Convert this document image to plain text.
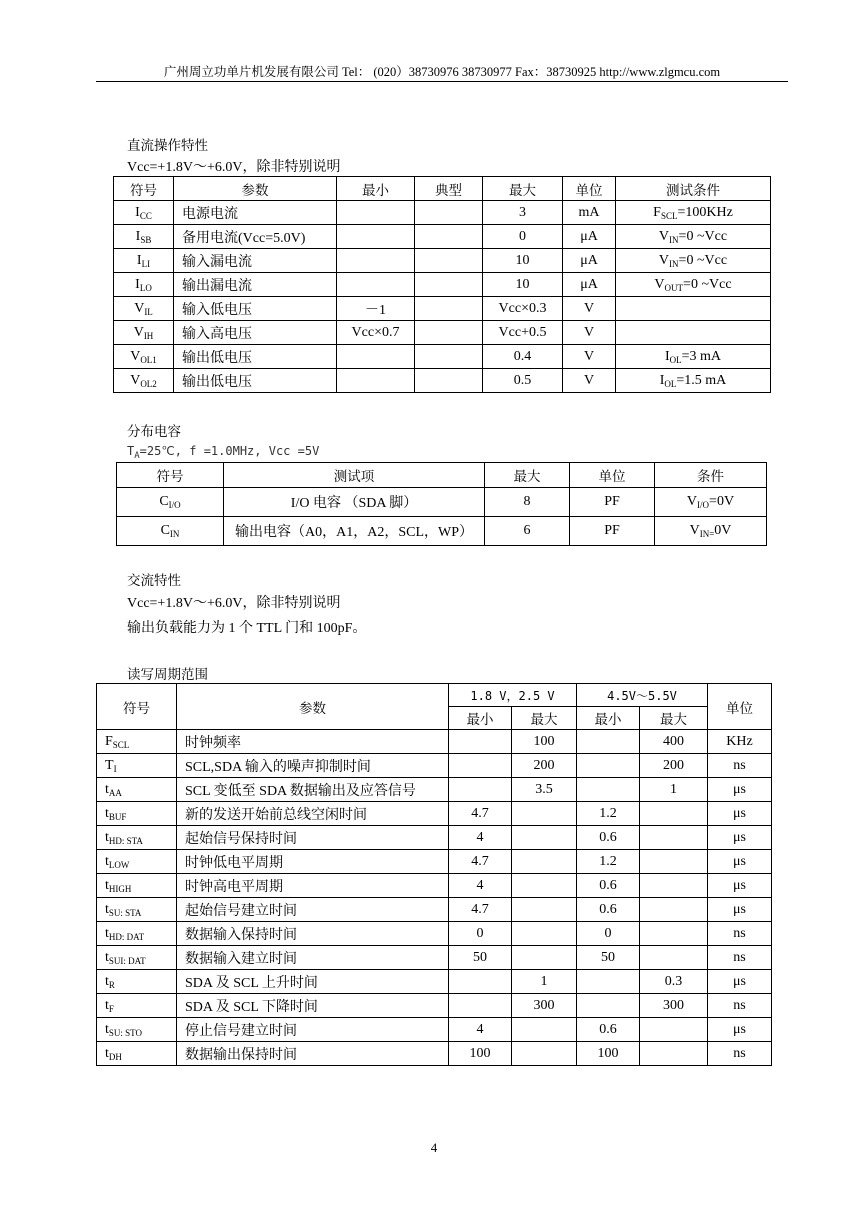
广州周立功单片机发展有限公司 Tel： (020）38730976 38730977 Fax：38730925 http://www.zlgmcu.com
直流操作特性
Vcc=+1.8V～+6.0V，除非特别说明
符号	参数	最小	典型	最大	单位	测试条件
$I_{CC}$	电源电流			3	mA	$F_{SCL}=100KHz$
$I_{SB}$	备用电流(Vcc=5.0V)			0	μA	$V_{IN}=0$ ~Vcc
$I_{LI}$	输入漏电流			10	μA	$V_{IN}=0$ ~Vcc
$I_{LO}$	输出漏电流			10	μA	$V_{OUT}=0$ ~Vcc
$V_{IL}$	输入低电压	－1		Vcc×0.3	V	
$V_{IH}$	输入高电压	Vcc×0.7		Vcc+0.5	V	
$V_{OL1}$	输出低电压			0.4	V	$I_{OL}=3$ mA
$V_{OL2}$	输出低电压			0.5	V	$I_{OL}=1.5$ mA
分布电容
$T_A=25℃$, f =1.0MHz, Vcc =5V
符号	测试项	最大	单位	条件
$C_{I/O}$	I/O 电容 （SDA 脚）	8	PF	$V_{I/O}=0V$
$C_{IN}$	输出电容（A0，A1，A2，SCL，WP）	6	PF	$V_{IN=}0V$
交流特性
Vcc=+1.8V～+6.0V，除非特别说明
输出负载能力为 1 个 TTL 门和 100pF。
读写周期范围
符号	参数	1.8 V，2.5 V		4.5V～5.5V		单位
		最小	最大	最小	最大	
$F_{SCL}$	时钟频率		100		400	KHz
$T_I$	SCL,SDA 输入的噪声抑制时间		200		200	ns
$t_{AA}$	SCL 变低至 SDA 数据输出及应答信号		3.5		1	μs
$t_{BUF}$	新的发送开始前总线空闲时间	4.7		1.2		μs
$t_{HD: STA}$	起始信号保持时间	4		0.6		μs
$t_{LOW}$	时钟低电平周期	4.7		1.2		μs
$t_{HIGH}$	时钟高电平周期	4		0.6		μs
$t_{SU: STA}$	起始信号建立时间	4.7		0.6		μs
$t_{HD: DAT}$	数据输入保持时间	0		0		ns
$t_{SUI: DAT}$	数据输入建立时间	50		50		ns
$t_R$	SDA 及 SCL 上升时间		1		0.3	μs
$t_F$	SDA 及 SCL 下降时间		300		300	ns
$t_{SU: STO}$	停止信号建立时间	4		0.6		μs
$t_{DH}$	数据输出保持时间	100		100		ns
4
